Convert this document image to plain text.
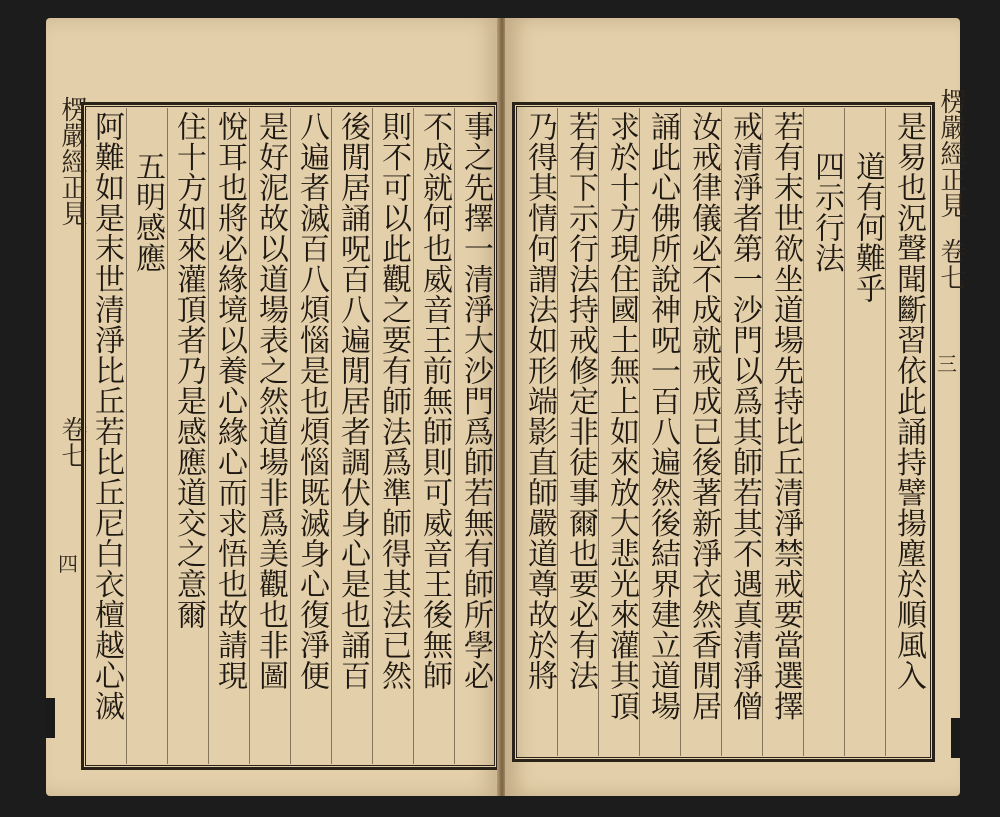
楞嚴經正見
卷七
四	事之先擇一清淨大沙門爲師若無有師所學必
不成就何也威音王前無師則可威音王後無師
則不可以此觀之要有師法爲準師得其法已然
後閒居誦呪百八遍閒居者調伏身心是也誦百
八遍者滅百八煩惱是也煩惱既滅身心復淨便
是好泥故以道場表之然道場非爲美觀也非圖
悅耳也將必緣境以養心緣心而求悟也故請現
住十方如來灌頂者乃是感應道交之意爾
五明感應
阿難如是末世清淨比丘若比丘尼白衣檀越心滅	楞嚴經正見
卷七
三
是易也況聲聞斷習依此誦持譬揚塵於順風入
道有何難乎
四示行法
若有末世欲坐道場先持比丘清淨禁戒要當選擇
戒清淨者第一沙門以爲其師若其不遇真清淨僧
汝戒律儀必不成就戒成已後著新淨衣然香閒居
誦此心佛所說神呪一百八遍然後結界建立道場
求於十方現住國土無上如來放大悲光來灌其頂
若有下示行法持戒修定非徒事爾也要必有法
乃得其情何謂法如形端影直師嚴道尊故於將
